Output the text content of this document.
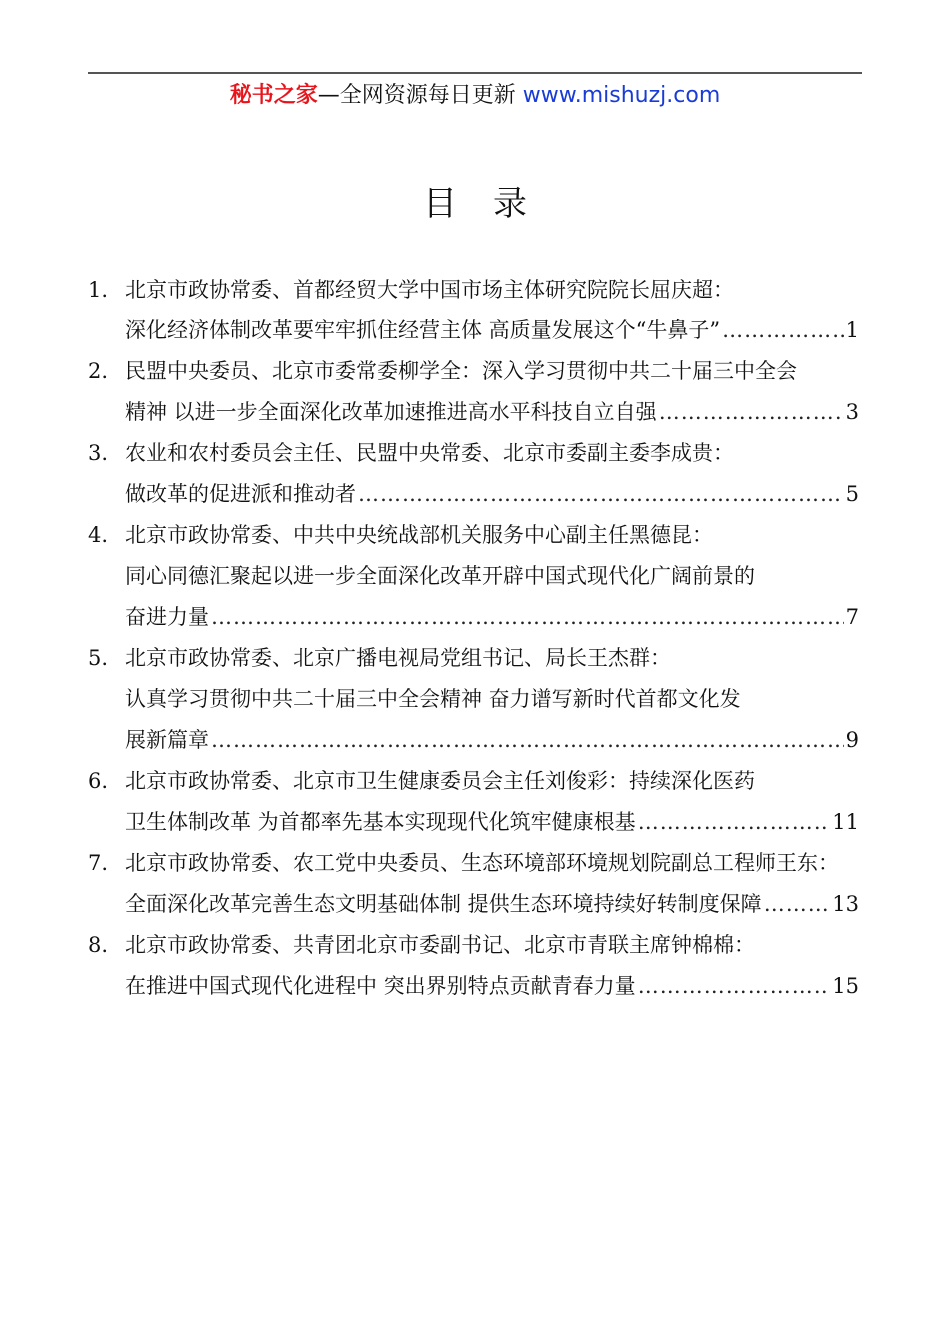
秘书之家—全网资源每日更新 www.mishuzj.com
目录
1. 北京市政协常委、首都经贸大学中国市场主体研究院院长屈庆超：
深化经济体制改革要牢牢抓住经营主体 高质量发展这个“牛鼻子” …………………………………………………………………………………………………………………………………………………	1
2. 民盟中央委员、北京市委常委柳学全：深入学习贯彻中共二十届三中全会
精神 以进一步全面深化改革加速推进高水平科技自立自强 …………………………………………………………………………………………………………………………………………………	3
3. 农业和农村委员会主任、民盟中央常委、北京市委副主委李成贵：
做改革的促进派和推动者 …………………………………………………………………………………………………………………………………………………	5
4. 北京市政协常委、中共中央统战部机关服务中心副主任黑德昆：
同心同德汇聚起以进一步全面深化改革开辟中国式现代化广阔前景的
奋进力量 …………………………………………………………………………………………………………………………………………………	7
5. 北京市政协常委、北京广播电视局党组书记、局长王杰群：
认真学习贯彻中共二十届三中全会精神 奋力谱写新时代首都文化发
展新篇章 …………………………………………………………………………………………………………………………………………………	9
6. 北京市政协常委、北京市卫生健康委员会主任刘俊彩：持续深化医药
卫生体制改革 为首都率先基本实现现代化筑牢健康根基 …………………………………………………………………………………………………………………………………………………	11
7. 北京市政协常委、农工党中央委员、生态环境部环境规划院副总工程师王东：
全面深化改革完善生态文明基础体制 提供生态环境持续好转制度保障 …………………………………………………………………………………………………………………………………………………	13
8. 北京市政协常委、共青团北京市委副书记、北京市青联主席钟棉棉：
在推进中国式现代化进程中 突出界别特点贡献青春力量 …………………………………………………………………………………………………………………………………………………	15
